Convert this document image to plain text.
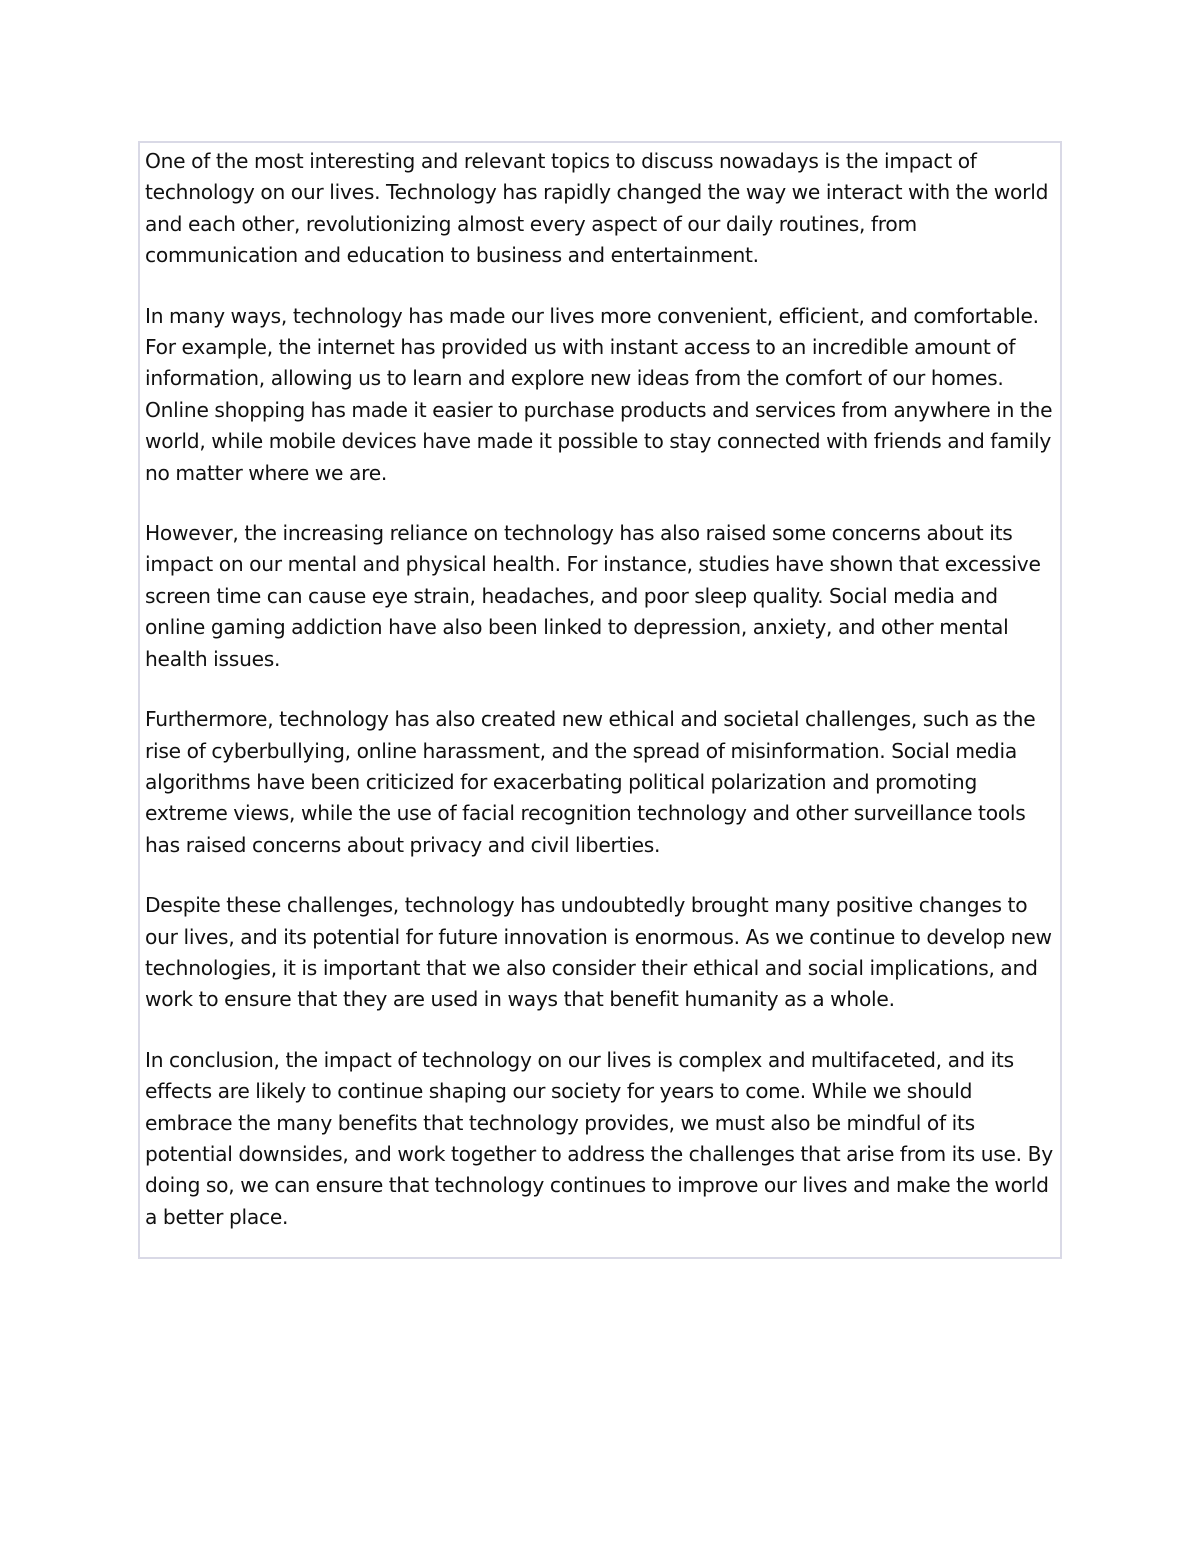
One of the most interesting and relevant topics to discuss nowadays is the impact of technology on our lives. Technology has rapidly changed the way we interact with the world and each other, revolutionizing almost every aspect of our daily routines, from communication and education to business and entertainment.

In many ways, technology has made our lives more convenient, efficient, and comfortable. For example, the internet has provided us with instant access to an incredible amount of information, allowing us to learn and explore new ideas from the comfort of our homes. Online shopping has made it easier to purchase products and services from anywhere in the world, while mobile devices have made it possible to stay connected with friends and family no matter where we are.

However, the increasing reliance on technology has also raised some concerns about its impact on our mental and physical health. For instance, studies have shown that excessive screen time can cause eye strain, headaches, and poor sleep quality. Social media and online gaming addiction have also been linked to depression, anxiety, and other mental health issues.

Furthermore, technology has also created new ethical and societal challenges, such as the rise of cyberbullying, online harassment, and the spread of misinformation. Social media algorithms have been criticized for exacerbating political polarization and promoting extreme views, while the use of facial recognition technology and other surveillance tools has raised concerns about privacy and civil liberties.

Despite these challenges, technology has undoubtedly brought many positive changes to our lives, and its potential for future innovation is enormous. As we continue to develop new technologies, it is important that we also consider their ethical and social implications, and work to ensure that they are used in ways that benefit humanity as a whole.

In conclusion, the impact of technology on our lives is complex and multifaceted, and its effects are likely to continue shaping our society for years to come. While we should embrace the many benefits that technology provides, we must also be mindful of its potential downsides, and work together to address the challenges that arise from its use. By doing so, we can ensure that technology continues to improve our lives and make the world a better place.
